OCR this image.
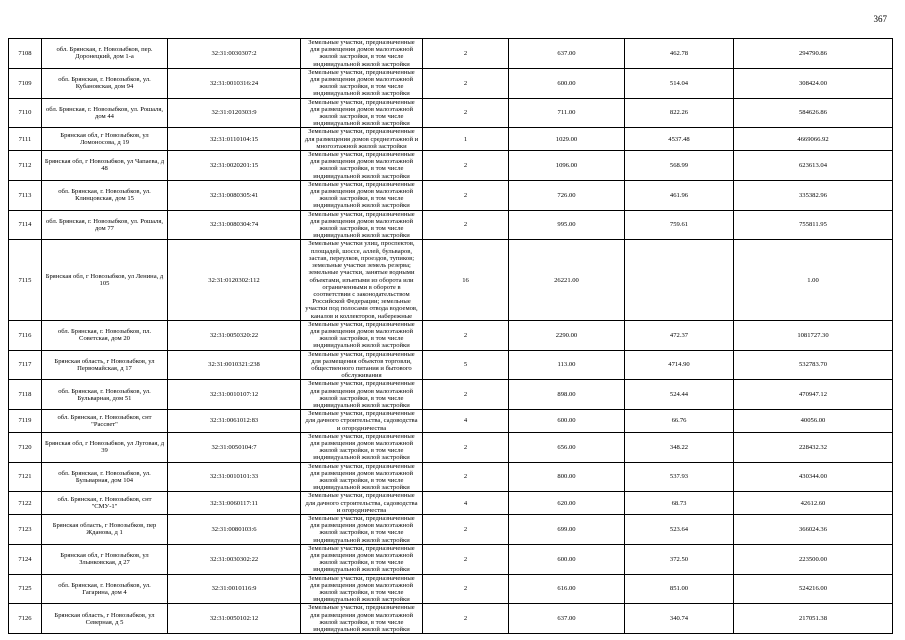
367
7108	обл. Брянская, г. Новозыбков, пер. Доронецкий, дом 1-а	32:31:0030307:2	Земельные участки, предназначенные для размещения домов малоэтажной жилой застройки, в том числе индивидуальной жилой застройки	2	637.00	462.78	294790.86
7109	обл. Брянская, г. Новозыбков, ул. Кубановская, дом 94	32:31:0010316:24	Земельные участки, предназначенные для размещения домов малоэтажной жилой застройки, в том числе индивидуальной жилой застройки	2	600.00	514.04	308424.00
7110	обл. Брянская, г. Новозыбков, ул. Рошаля, дом 44	32:31:0120303:9	Земельные участки, предназначенные для размещения домов малоэтажной жилой застройки, в том числе индивидуальной жилой застройки	2	711.00	822.26	584626.86
7111	Брянская обл, г Новозыбков, ул Ломоносова, д 19	32:31:0110104:15	Земельные участки, предназначенные для размещения домов среднеэтажной и многоэтажной жилой застройки	1	1029.00	4537.48	4669066.92
7112	Брянская обл, г Новозыбков, ул Чапаева, д 48	32:31:0020201:15	Земельные участки, предназначенные для размещения домов малоэтажной жилой застройки, в том числе индивидуальной жилой застройки	2	1096.00	568.99	623613.04
7113	обл. Брянская, г. Новозыбков, ул. Клинцовская, дом 15	32:31:0080305:41	Земельные участки, предназначенные для размещения домов малоэтажной жилой застройки, в том числе индивидуальной жилой застройки	2	726.00	461.96	335382.96
7114	обл. Брянская, г. Новозыбков, ул. Рошаля, дом 77	32:31:0080304:74	Земельные участки, предназначенные для размещения домов малоэтажной жилой застройки, в том числе индивидуальной жилой застройки	2	995.00	759.61	755811.95
7115	Брянская обл, г Новозыбков, ул Ленина, д 105	32:31:0120302:112	Земельные участки улиц, проспектов, площадей, шоссе, аллей, бульваров, застав, переулков, проездов, тупиков; земельные участки земель резерва; земельные участки, занятые водными объектами, изъятыми из оборота или ограниченными в обороте в соответствии с законодательством Российской Федерации; земельные участки под полосами отвода водоемов, каналов и коллекторов, набережные	16	26221.00		1.00
7116	обл. Брянская, г. Новозыбков, пл. Советская, дом 20	32:31:0050320:22	Земельные участки, предназначенные для размещения домов малоэтажной жилой застройки, в том числе индивидуальной жилой застройки	2	2290.00	472.37	1081727.30
7117	Брянская область, г Новозыбков, ул Первомайская, д 17	32:31:0010321:238	Земельные участки, предназначенные для размещения объектов торговли, общественного питания и бытового обслуживания	5	113.00	4714.90	532783.70
7118	обл. Брянская, г. Новозыбков, ул. Бульварная, дом 51	32:31:0010107:12	Земельные участки, предназначенные для размещения домов малоэтажной жилой застройки, в том числе индивидуальной жилой застройки	2	898.00	524.44	470947.12
7119	обл. Брянская, г. Новозыбков, снт "Рассвет"	32:31:0061012:83	Земельные участки, предназначенные для дачного строительства, садоводства и огородничества	4	600.00	66.76	40056.00
7120	Брянская обл, г Новозыбков, ул Луговая, д 39	32:31:0050104:7	Земельные участки, предназначенные для размещения домов малоэтажной жилой застройки, в том числе индивидуальной жилой застройки	2	656.00	348.22	228432.32
7121	обл. Брянская, г. Новозыбков, ул. Бульварная, дом 104	32:31:0010101:33	Земельные участки, предназначенные для размещения домов малоэтажной жилой застройки, в том числе индивидуальной жилой застройки	2	800.00	537.93	430344.00
7122	обл. Брянская, г. Новозыбков, снт "СМУ-1"	32:31:0060117:11	Земельные участки, предназначенные для дачного строительства, садоводства и огородничества	4	620.00	68.73	42612.60
7123	Брянская область, г Новозыбков, пер Жданова, д 1	32:31:0080103:6	Земельные участки, предназначенные для размещения домов малоэтажной жилой застройки, в том числе индивидуальной жилой застройки	2	699.00	523.64	366024.36
7124	Брянская обл, г Новозыбков, ул Злынковская, д 27	32:31:0030302:22	Земельные участки, предназначенные для размещения домов малоэтажной жилой застройки, в том числе индивидуальной жилой застройки	2	600.00	372.50	223500.00
7125	обл. Брянская, г. Новозыбков, ул. Гагарина, дом 4	32:31:0010116:9	Земельные участки, предназначенные для размещения домов малоэтажной жилой застройки, в том числе индивидуальной жилой застройки	2	616.00	851.00	524216.00
7126	Брянская область, г Новозыбков, ул Северная, д 5	32:31:0050102:12	Земельные участки, предназначенные для размещения домов малоэтажной жилой застройки, в том числе индивидуальной жилой застройки	2	637.00	340.74	217051.38
